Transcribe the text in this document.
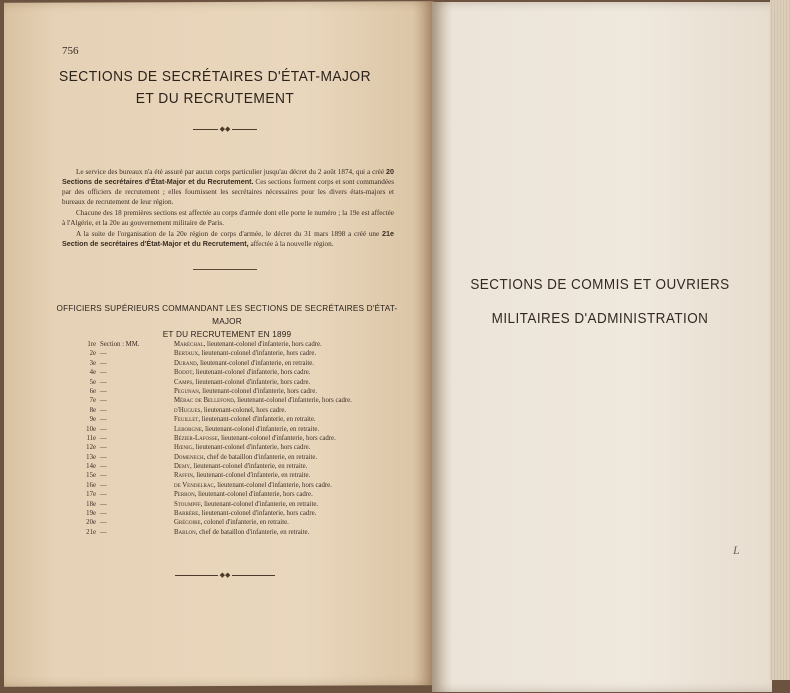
756
SECTIONS DE SECRÉTAIRES D'ÉTAT-MAJOR
ET DU RECRUTEMENT
◆◆

Le service des bureaux n'a été assuré par aucun corps particulier jusqu'au décret du 2 août 1874, qui a créé 20 Sections de secrétaires d'État-Major et du Recrutement. Ces sections forment corps et sont commandées par des officiers de recrutement ; elles fournissent les secrétaires nécessaires pour les divers états-majors et bureaux de recrutement de leur région.

Chacune des 18 premières sections est affectée au corps d'armée dont elle porte le numéro ; la 19e est affectée à l'Algérie, et la 20e au gouvernement militaire de Paris.

A la suite de l'organisation de la 20e région de corps d'armée, le décret du 31 mars 1898 a créé une 21e Section de secrétaires d'État-Major et du Recrutement, affectée à la nouvelle région.

OFFICIERS SUPÉRIEURS COMMANDANT LES SECTIONS DE SECRÉTAIRES D'ÉTAT-MAJOR
ET DU RECRUTEMENT EN 1899
1re Section : MM.	Maréchal , lieutenant-colonel d'infanterie, hors cadre.
2e —	Bertaux , lieutenant-colonel d'infanterie, hors cadre.
3e —	Durand , lieutenant-colonel d'infanterie, en retraite.
4e —	Bodot , lieutenant-colonel d'infanterie, hors cadre.
5e —	Camps , lieutenant-colonel d'infanterie, hors cadre.
6e —	Pegunan , lieutenant-colonel d'infanterie, hors cadre.
7e —	Mérac de Bellefond , lieutenant-colonel d'infanterie, hors cadre.
8e —	d'Hugues , lieutenant-colonel, hors cadre.
9e —	Feuillet , lieutenant-colonel d'infanterie, en retraite.
10e —	Leborgne , lieutenant-colonel d'infanterie, en retraite.
11e —	Bézier-Lafosse , lieutenant-colonel d'infanterie, hors cadre.
12e —	Hœnig , lieutenant-colonel d'infanterie, hors cadre.
13e —	Domenech , chef de bataillon d'infanterie, en retraite.
14e —	Demy , lieutenant-colonel d'infanterie, en retraite.
15e —	Raffin , lieutenant-colonel d'infanterie, en retraite.
16e —	de Vendelrac , lieutenant-colonel d'infanterie, hors cadre.
17e —	Perron , lieutenant-colonel d'infanterie, hors cadre.
18e —	Stoumpff , lieutenant-colonel d'infanterie, en retraite.
19e —	Barrère , lieutenant-colonel d'infanterie, hors cadre.
20e —	Grégoire , colonel d'infanterie, en retraite.
21e —	Bablon , chef de bataillon d'infanterie, en retraite.
◆◆
SECTIONS DE COMMIS ET OUVRIERS
MILITAIRES D'ADMINISTRATION
L
